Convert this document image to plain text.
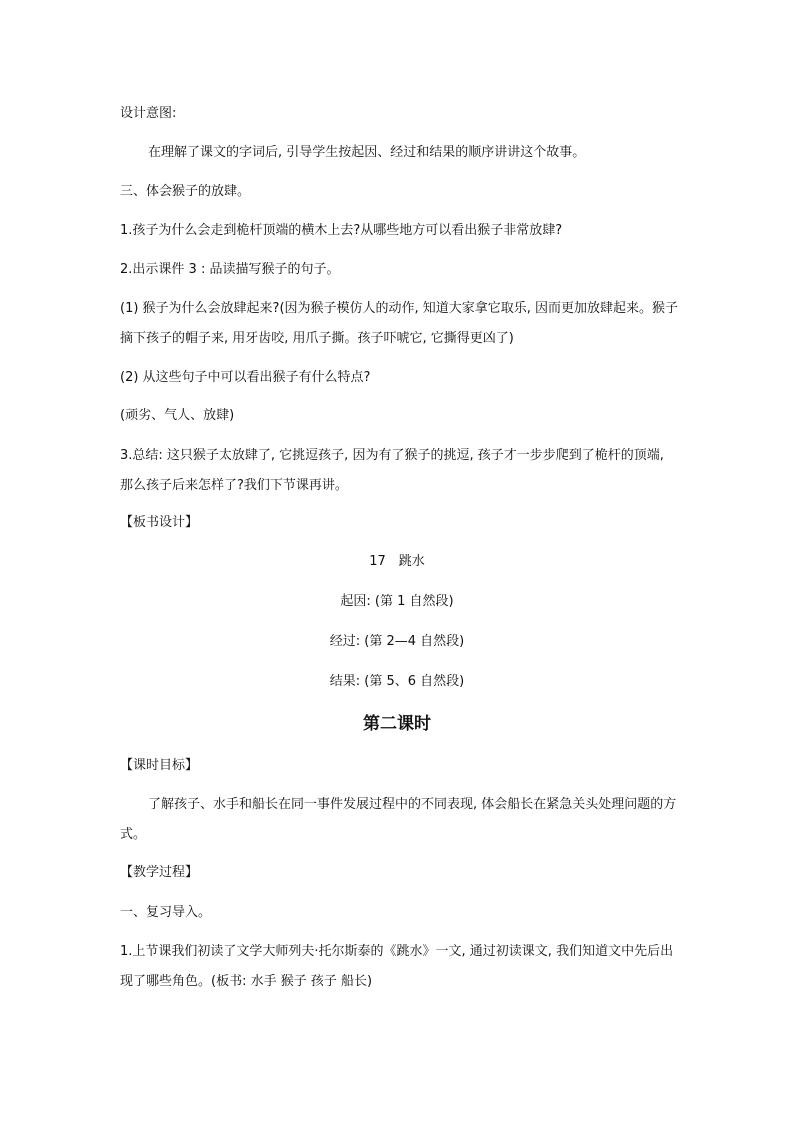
设计意图:
在理解了课文的字词后, 引导学生按起因、经过和结果的顺序讲讲这个故事。
三、体会猴子的放肆。
1.孩子为什么会走到桅杆顶端的横木上去?从哪些地方可以看出猴子非常放肆?
2.出示课件 3 : 品读描写猴子的句子。
(1) 猴子为什么会放肆起来?(因为猴子模仿人的动作, 知道大家拿它取乐, 因而更加放肆起来。猴子摘下孩子的帽子来, 用牙齿咬, 用爪子撕。孩子吓唬它, 它撕得更凶了)
(2) 从这些句子中可以看出猴子有什么特点?
(顽劣、气人、放肆)
3.总结: 这只猴子太放肆了, 它挑逗孩子, 因为有了猴子的挑逗, 孩子才一步步爬到了桅杆的顶端, 那么孩子后来怎样了?我们下节课再讲。
【板书设计】
17　跳水
起因: (第 1 自然段)
经过: (第 2—4 自然段)
结果: (第 5、6 自然段)
第二课时
【课时目标】
了解孩子、水手和船长在同一事件发展过程中的不同表现, 体会船长在紧急关头处理问题的方式。
【教学过程】
一、复习导入。
1.上节课我们初读了文学大师列夫·托尔斯泰的《跳水》一文, 通过初读课文, 我们知道文中先后出现了哪些角色。(板书: 水手 猴子 孩子 船长)
